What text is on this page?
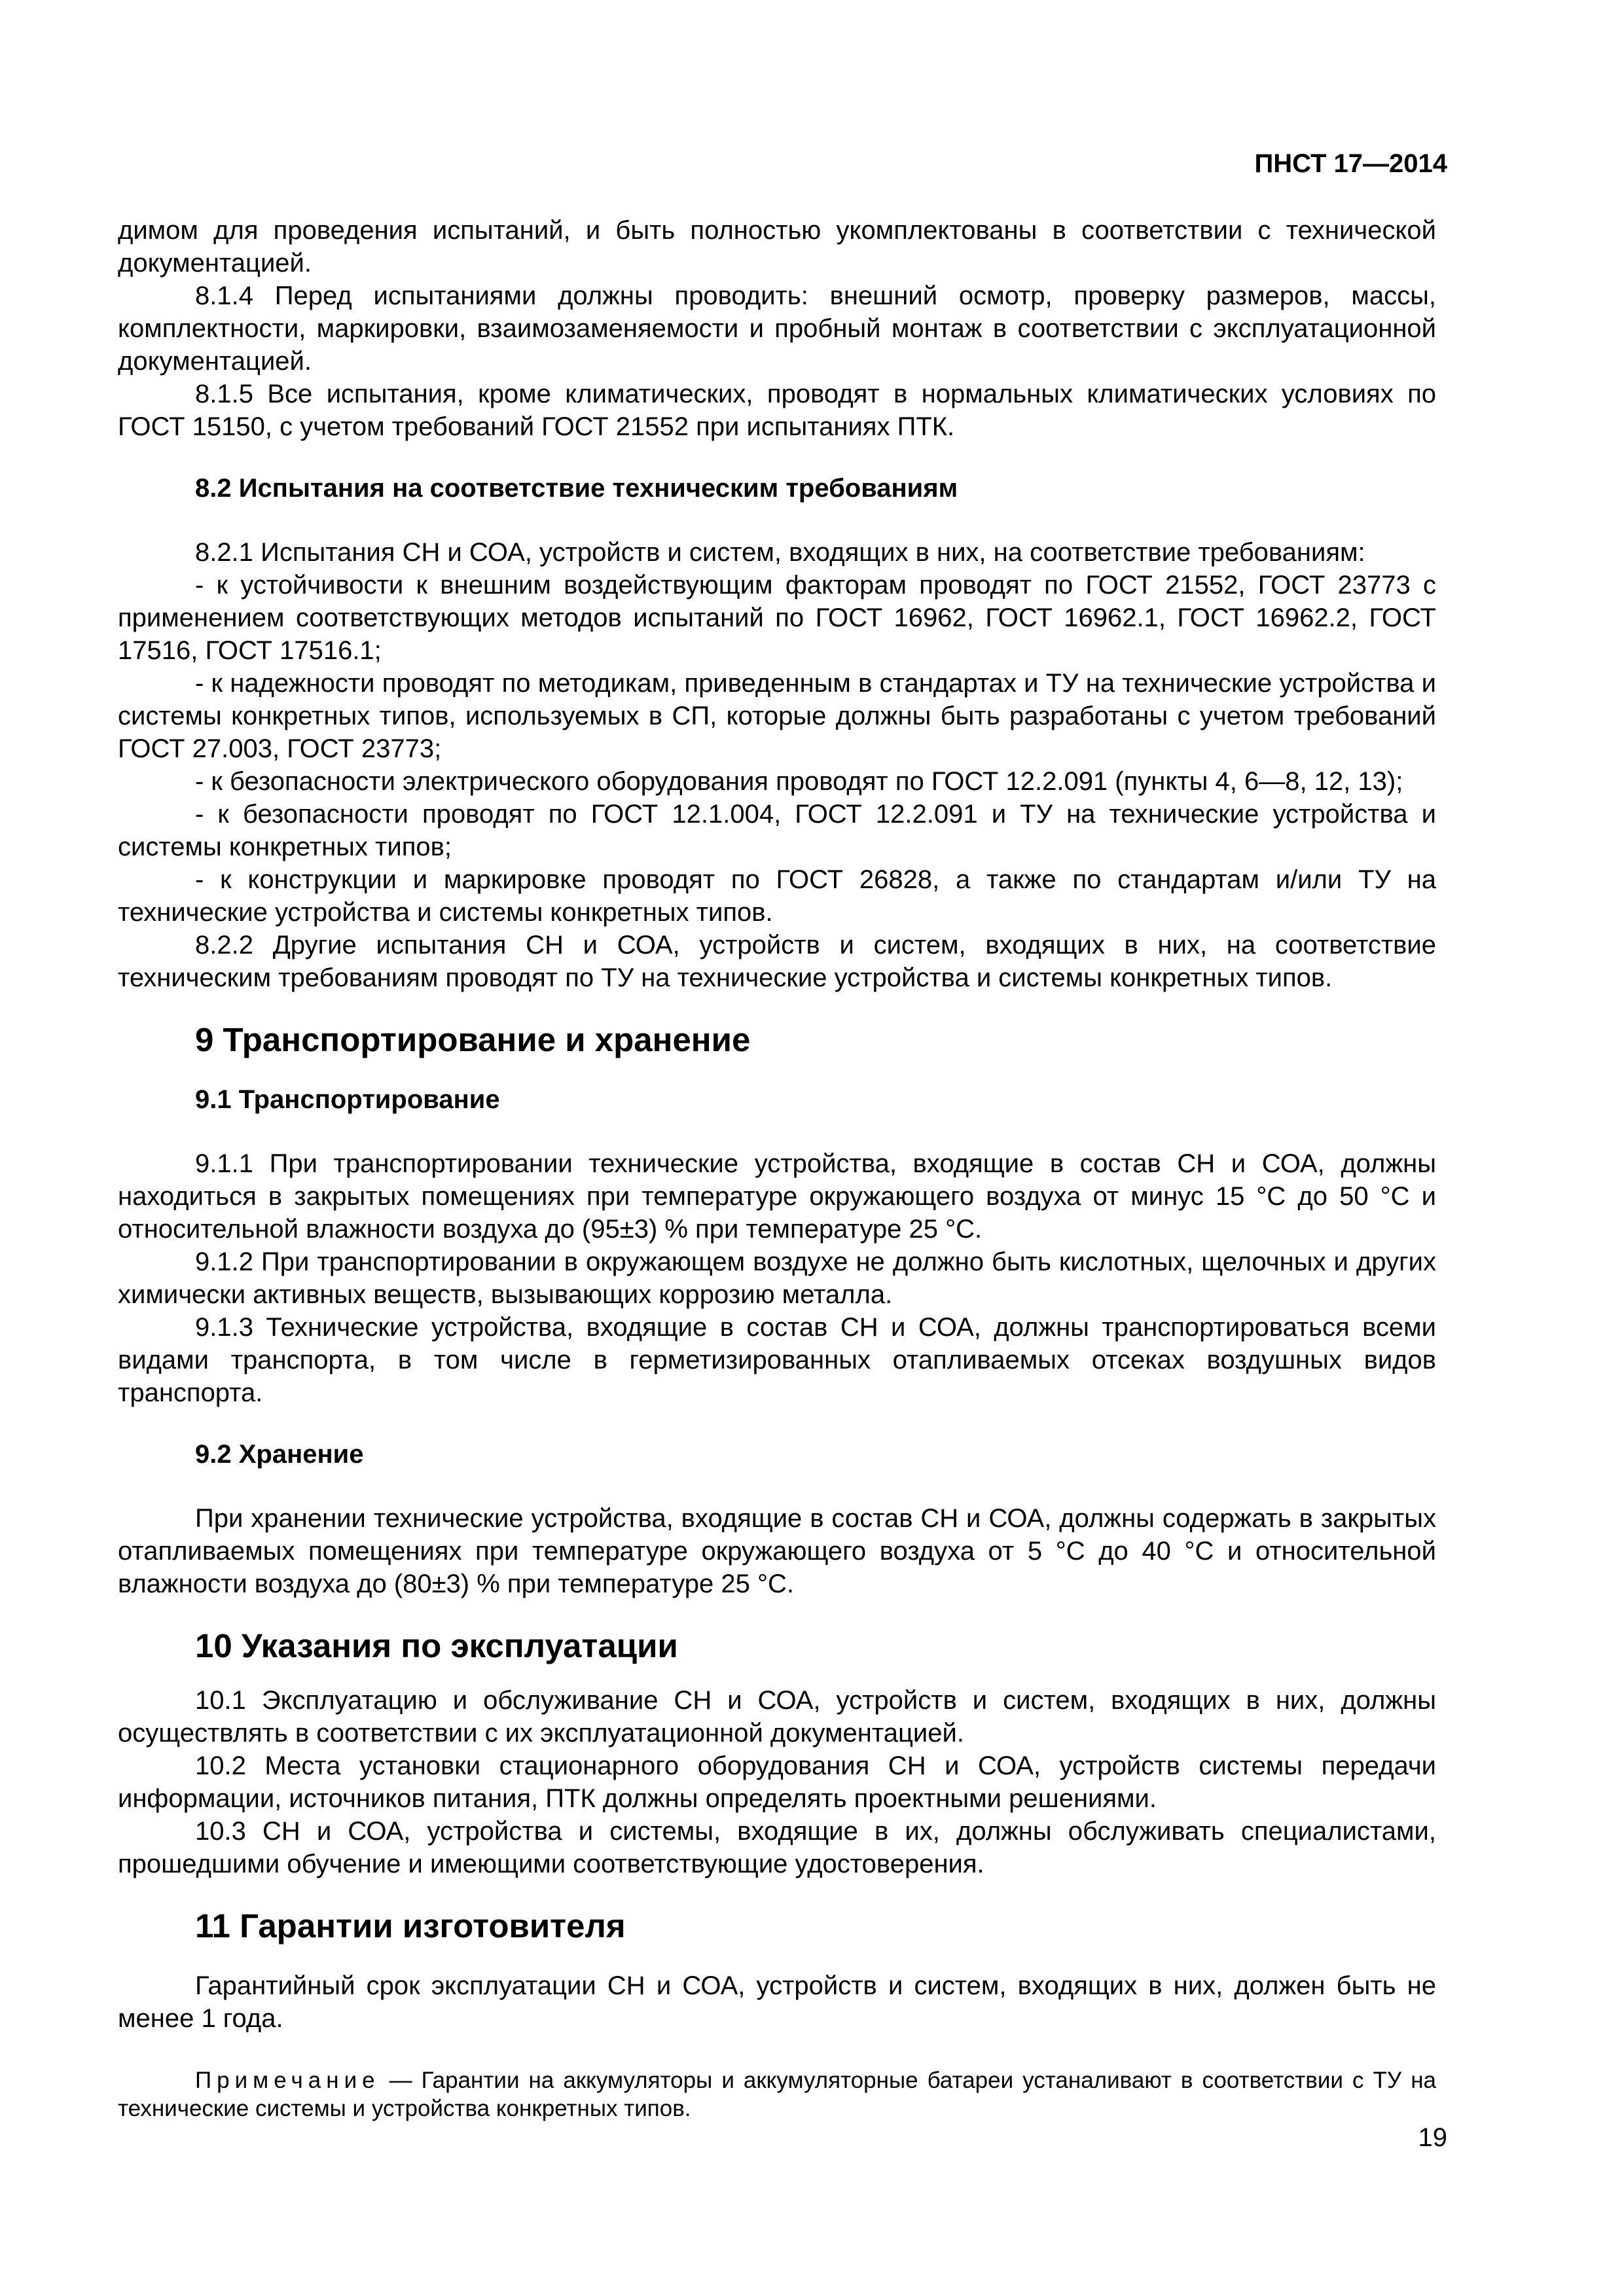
ПНСТ 17—2014

димом для проведения испытаний, и быть полностью укомплектованы в соответствии с технической документацией.

8.1.4 Перед испытаниями должны проводить: внешний осмотр, проверку размеров, массы, комплектности, маркировки, взаимозаменяемости и пробный монтаж в соответствии с эксплуатационной документацией.

8.1.5 Все испытания, кроме климатических, проводят в нормальных климатических условиях по ГОСТ 15150, с учетом требований ГОСТ 21552 при испытаниях ПТК.

8.2 Испытания на соответствие техническим требованиям

8.2.1 Испытания СН и СОА, устройств и систем, входящих в них, на соответствие требованиям:

- к устойчивости к внешним воздействующим факторам проводят по ГОСТ 21552, ГОСТ 23773 с применением соответствующих методов испытаний по ГОСТ 16962, ГОСТ 16962.1, ГОСТ 16962.2, ГОСТ 17516, ГОСТ 17516.1;

- к надежности проводят по методикам, приведенным в стандартах и ТУ на технические устройства и системы конкретных типов, используемых в СП, которые должны быть разработаны с учетом требований ГОСТ 27.003, ГОСТ 23773;

- к безопасности электрического оборудования проводят по ГОСТ 12.2.091 (пункты 4, 6—8, 12, 13);

- к безопасности проводят по ГОСТ 12.1.004, ГОСТ 12.2.091 и ТУ на технические устройства и системы конкретных типов;

- к конструкции и маркировке проводят по ГОСТ 26828, а также по стандартам и/или ТУ на технические устройства и системы конкретных типов.

8.2.2 Другие испытания СН и СОА, устройств и систем, входящих в них, на соответствие техническим требованиям проводят по ТУ на технические устройства и системы конкретных типов.

9 Транспортирование и хранение

9.1 Транспортирование

9.1.1 При транспортировании технические устройства, входящие в состав СН и СОА, должны находиться в закрытых помещениях при температуре окружающего воздуха от минус 15 °С до 50 °С и относительной влажности воздуха до (95±3) % при температуре 25 °С.

9.1.2 При транспортировании в окружающем воздухе не должно быть кислотных, щелочных и других химически активных веществ, вызывающих коррозию металла.

9.1.3 Технические устройства, входящие в состав СН и СОА, должны транспортироваться всеми видами транспорта, в том числе в герметизированных отапливаемых отсеках воздушных видов транспорта.

9.2 Хранение

При хранении технические устройства, входящие в состав СН и СОА, должны содержать в закрытых отапливаемых помещениях при температуре окружающего воздуха от 5 °С до 40 °С и относительной влажности воздуха до (80±3) % при температуре 25 °С.

10 Указания по эксплуатации

10.1 Эксплуатацию и обслуживание СН и СОА, устройств и систем, входящих в них, должны осуществлять в соответствии с их эксплуатационной документацией.

10.2 Места установки стационарного оборудования СН и СОА, устройств системы передачи информации, источников питания, ПТК должны определять проектными решениями.

10.3 СН и СОА, устройства и системы, входящие в их, должны обслуживать специалистами, прошедшими обучение и имеющими соответствующие удостоверения.

11 Гарантии изготовителя

Гарантийный срок эксплуатации СН и СОА, устройств и систем, входящих в них, должен быть не менее 1 года.

Примечание — Гарантии на аккумуляторы и аккумуляторные батареи устаналивают в соответствии с ТУ на технические системы и устройства конкретных типов.

19
